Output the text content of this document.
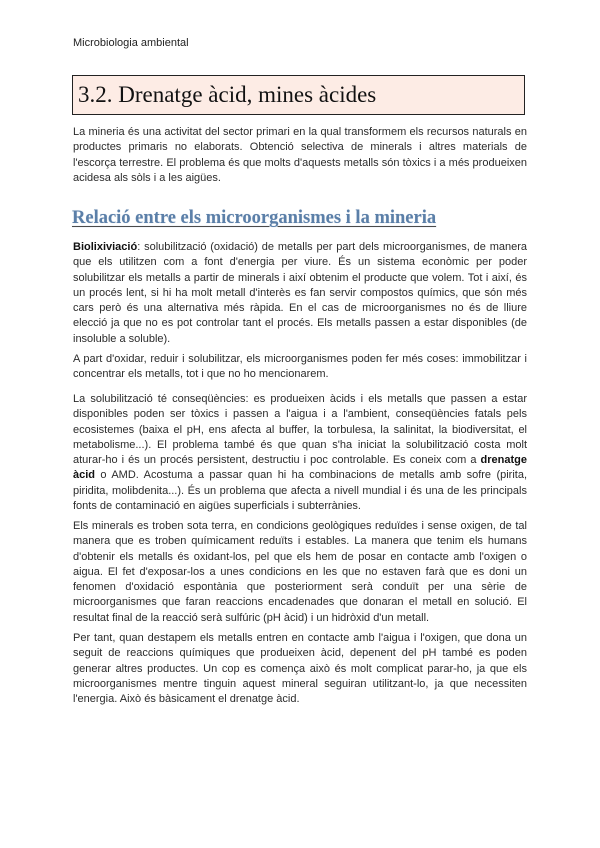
Microbiologia ambiental
3.2. Drenatge àcid, mines àcides

La mineria és una activitat del sector primari en la qual transformem els recursos naturals en productes primaris no elaborats. Obtenció selectiva de minerals i altres materials de l'escorça terrestre. El problema és que molts d'aquests metalls són tòxics i a més produeixen acidesa als sòls i a les aigües.

Relació entre els microorganismes i la mineria

Biolixiviació: solubilització (oxidació) de metalls per part dels microorganismes, de manera que els utilitzen com a font d'energia per viure. És un sistema econòmic per poder solubilitzar els metalls a partir de minerals i així obtenim el producte que volem. Tot i així, és un procés lent, si hi ha molt metall d'interès es fan servir compostos químics, que són més cars però és una alternativa més ràpida. En el cas de microorganismes no és de lliure elecció ja que no es pot controlar tant el procés. Els metalls passen a estar disponibles (de insoluble a soluble).

A part d'oxidar, reduir i solubilitzar, els microorganismes poden fer més coses: immobilitzar i concentrar els metalls, tot i que no ho mencionarem.

La solubilització té conseqüències: es produeixen àcids i els metalls que passen a estar disponibles poden ser tòxics i passen a l'aigua i a l'ambient, conseqüències fatals pels ecosistemes (baixa el pH, ens afecta al buffer, la torbulesa, la salinitat, la biodiversitat, el metabolisme...). El problema també és que quan s'ha iniciat la solubilització costa molt aturar-ho i és un procés persistent, destructiu i poc controlable. Es coneix com a drenatge àcid o AMD. Acostuma a passar quan hi ha combinacions de metalls amb sofre (pirita, piridita, molibdenita...). És un problema que afecta a nivell mundial i és una de les principals fonts de contaminació en aigües superficials i subterrànies.

Els minerals es troben sota terra, en condicions geològiques reduïdes i sense oxigen, de tal manera que es troben químicament reduïts i estables. La manera que tenim els humans d'obtenir els metalls és oxidant-los, pel que els hem de posar en contacte amb l'oxigen o aigua. El fet d'exposar-los a unes condicions en les que no estaven farà que es doni un fenomen d'oxidació espontània que posteriorment serà conduït per una sèrie de microorganismes que faran reaccions encadenades que donaran el metall en solució. El resultat final de la reacció serà sulfúric (pH àcid) i un hidròxid d'un metall.

Per tant, quan destapem els metalls entren en contacte amb l'aigua i l'oxigen, que dona un seguit de reaccions químiques que produeixen àcid, depenent del pH també es poden generar altres productes. Un cop es comença això és molt complicat parar-ho, ja que els microorganismes mentre tinguin aquest mineral seguiran utilitzant-lo, ja que necessiten l'energia. Això és bàsicament el drenatge àcid.
